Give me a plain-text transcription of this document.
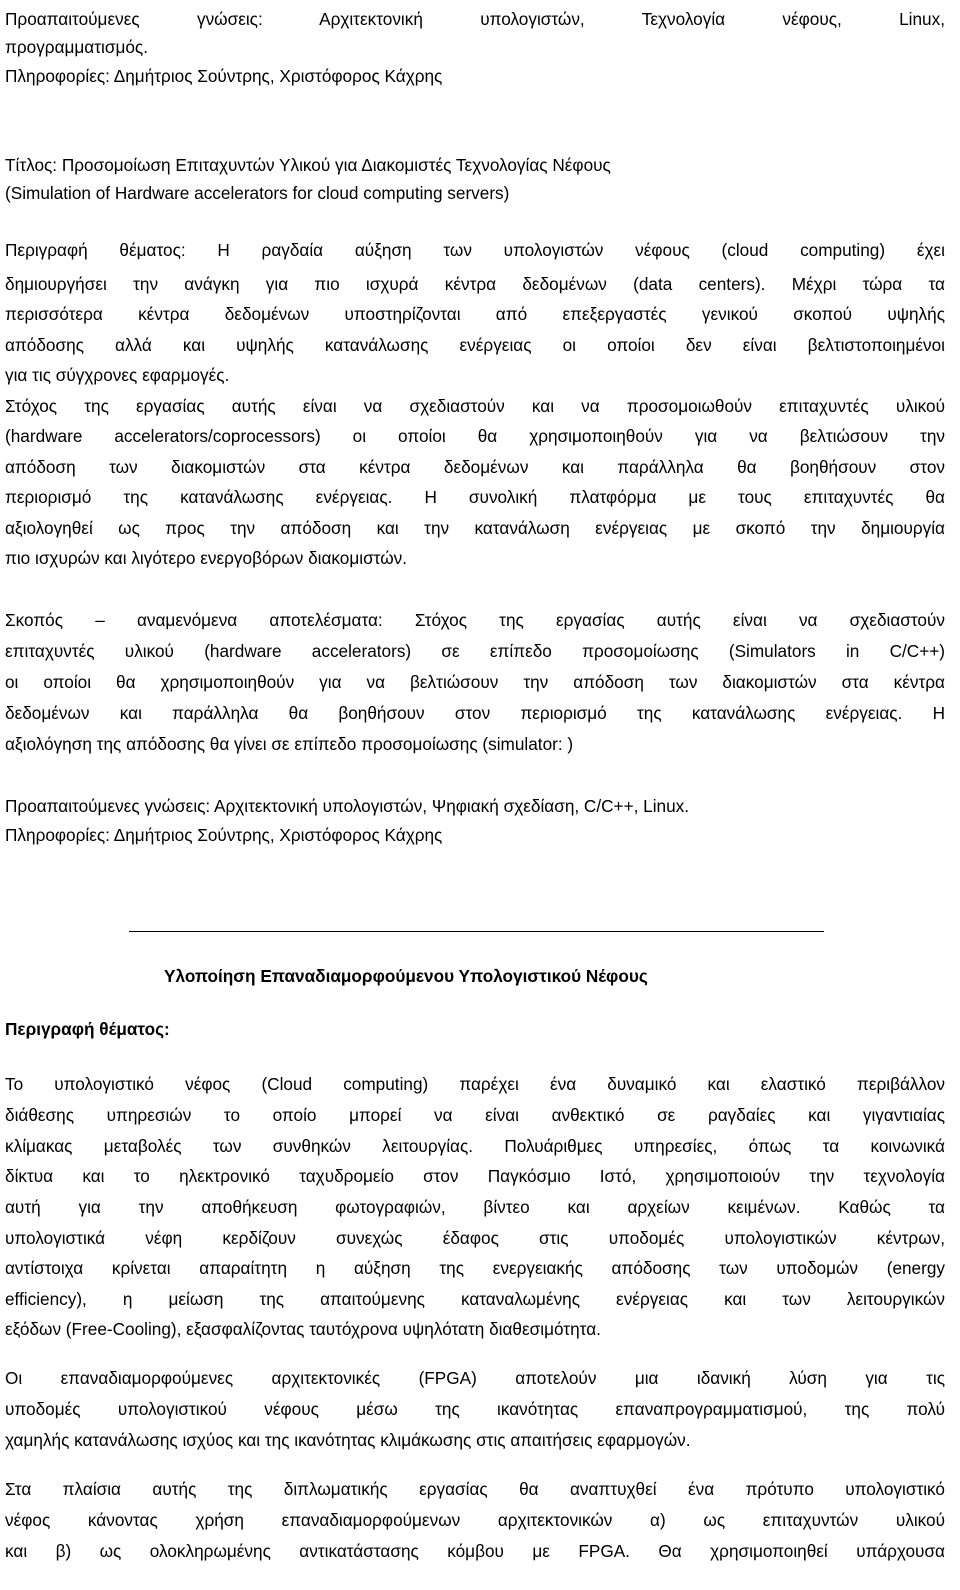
Προαπαιτούμενες γνώσεις: Αρχιτεκτονική υπολογιστών, Τεχνολογία νέφους, Linux,
προγραμματισμός.
Πληροφορίες: Δημήτριος Σούντρης, Χριστόφορος Κάχρης
Τίτλος: Προσομοίωση Επιταχυντών Υλικού για Διακομιστές Τεχνολογίας Νέφους
(Simulation of Hardware accelerators for cloud computing servers)
Περιγραφή θέματος: Η ραγδαία αύξηση των υπολογιστών νέφους (cloud computing) έχει
δημιουργήσει την ανάγκη για πιο ισχυρά κέντρα δεδομένων (data centers). Μέχρι τώρα τα
περισσότερα κέντρα δεδομένων υποστηρίζονται από επεξεργαστές γενικού σκοπού υψηλής
απόδοσης αλλά και υψηλής κατανάλωσης ενέργειας οι οποίοι δεν είναι βελτιστοποιημένοι
για τις σύγχρονες εφαρμογές.
Στόχος της εργασίας αυτής είναι να σχεδιαστούν και να προσομοιωθούν επιταχυντές υλικού
(hardware accelerators/coprocessors) οι οποίοι θα χρησιμοποιηθούν για να βελτιώσουν την
απόδοση των διακομιστών στα κέντρα δεδομένων και παράλληλα θα βοηθήσουν στον
περιορισμό της κατανάλωσης ενέργειας. Η συνολική πλατφόρμα με τους επιταχυντές θα
αξιολογηθεί ως προς την απόδοση και την κατανάλωση ενέργειας με σκοπό την δημιουργία
πιο ισχυρών και λιγότερο ενεργοβόρων διακομιστών.
Σκοπός – αναμενόμενα αποτελέσματα: Στόχος της εργασίας αυτής είναι να σχεδιαστούν
επιταχυντές υλικού (hardware accelerators) σε επίπεδο προσομοίωσης (Simulators in C/C++)
οι οποίοι θα χρησιμοποιηθούν για να βελτιώσουν την απόδοση των διακομιστών στα κέντρα
δεδομένων και παράλληλα θα βοηθήσουν στον περιορισμό της κατανάλωσης ενέργειας. Η
αξιολόγηση της απόδοσης θα γίνει σε επίπεδο προσομοίωσης (simulator: )
Προαπαιτούμενες γνώσεις: Αρχιτεκτονική υπολογιστών, Ψηφιακή σχεδίαση, C/C++, Linux.
Πληροφορίες: Δημήτριος Σούντρης, Χριστόφορος Κάχρης
Υλοποίηση Επαναδιαμορφούμενου Υπολογιστικού Νέφους
Περιγραφή θέματος:
Το υπολογιστικό νέφος (Cloud computing) παρέχει ένα δυναμικό και ελαστικό περιβάλλον
διάθεσης υπηρεσιών το οποίο μπορεί να είναι ανθεκτικό σε ραγδαίες και γιγαντιαίας
κλίμακας μεταβολές των συνθηκών λειτουργίας. Πολυάριθμες υπηρεσίες, όπως τα κοινωνικά
δίκτυα και το ηλεκτρονικό ταχυδρομείο στον Παγκόσμιο Ιστό, χρησιμοποιούν την τεχνολογία
αυτή για την αποθήκευση φωτογραφιών, βίντεο και αρχείων κειμένων. Καθώς τα
υπολογιστικά νέφη κερδίζουν συνεχώς έδαφος στις υποδομές υπολογιστικών κέντρων,
αντίστοιχα κρίνεται απαραίτητη η αύξηση της ενεργειακής απόδοσης των υποδομών (energy
efficiency), η μείωση της απαιτούμενης καταναλωμένης ενέργειας και των λειτουργικών
εξόδων (Free-Cooling), εξασφαλίζοντας ταυτόχρονα υψηλότατη διαθεσιμότητα.
Οι επαναδιαμορφούμενες αρχιτεκτονικές (FPGA) αποτελούν μια ιδανική λύση για τις
υποδομές υπολογιστικού νέφους μέσω της ικανότητας επαναπρογραμματισμού, της πολύ
χαμηλής κατανάλωσης ισχύος και της ικανότητας κλιμάκωσης στις απαιτήσεις εφαρμογών.
Στα πλαίσια αυτής της διπλωματικής εργασίας θα αναπτυχθεί ένα πρότυπο υπολογιστικό
νέφος κάνοντας χρήση επαναδιαμορφούμενων αρχιτεκτονικών α) ως επιταχυντών υλικού
και β) ως ολοκληρωμένης αντικατάστασης κόμβου με FPGA. Θα χρησιμοποιηθεί υπάρχουσα
